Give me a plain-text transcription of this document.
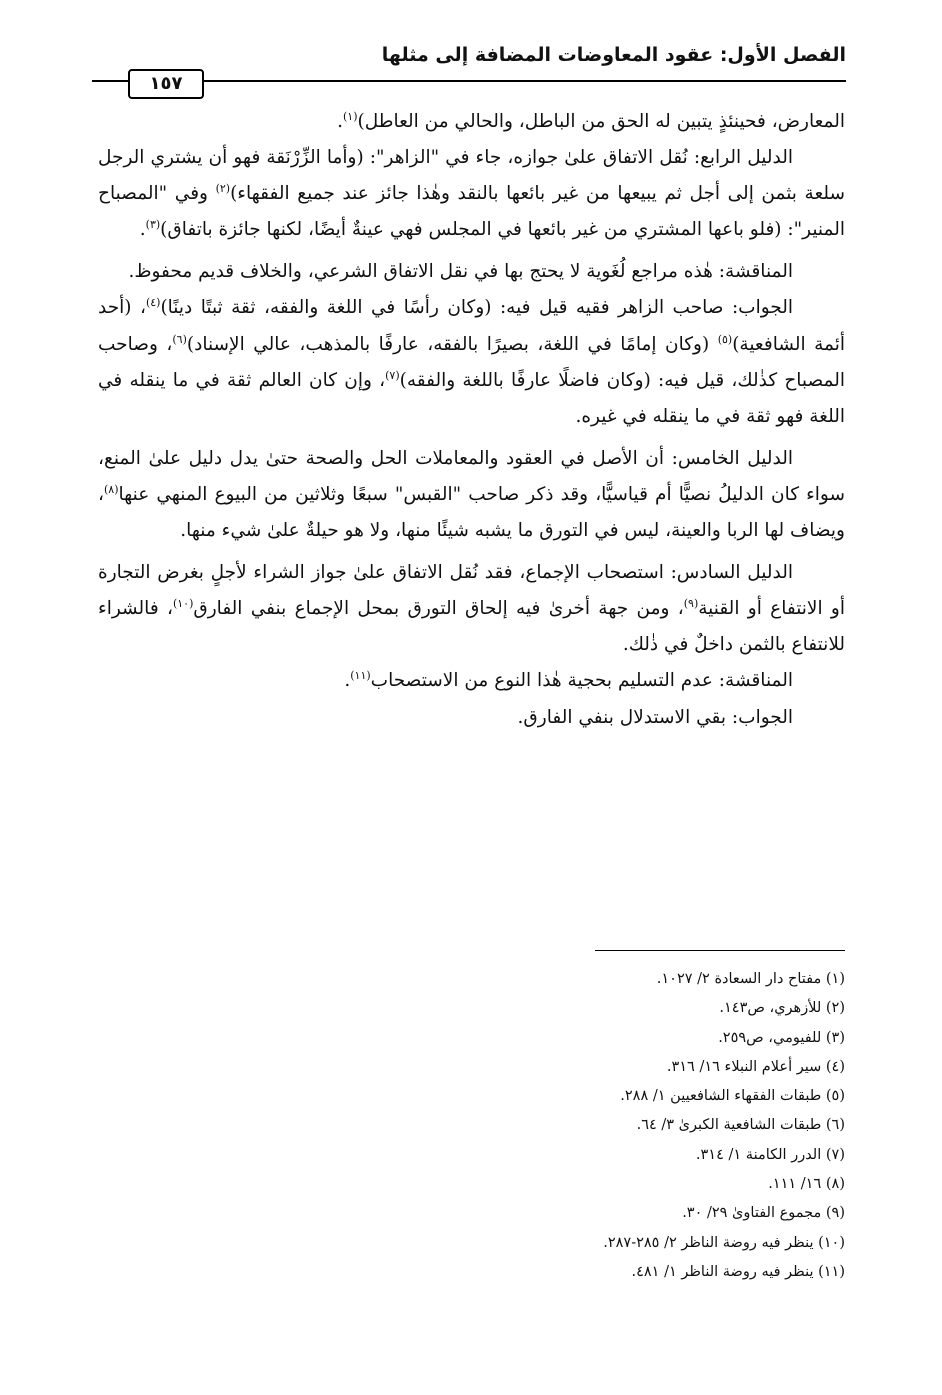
الفصل الأول: عقود المعاوضات المضافة إلى مثلها
١٥٧

المعارض، فحينئذٍ يتبين له الحق من الباطل، والحالي من العاطل)$^{(١)}$.

الدليل الرابع: نُقل الاتفاق علىٰ جوازه، جاء في "الزاهر": (وأما الزِّرْنَقة فهو أن يشتري الرجل سلعة بثمن إلى أجل ثم يبيعها من غير بائعها بالنقد وهٰذا جائز عند جميع الفقهاء)$^{(٢)}$ وفي "المصباح المنير": (فلو باعها المشتري من غير بائعها في المجلس فهي عينةٌ أيضًا، لكنها جائزة باتفاق)$^{(٣)}$.

المناقشة: هٰذه مراجع لُغَوية لا يحتج بها في نقل الاتفاق الشرعي، والخلاف قديم محفوظ.

الجواب: صاحب الزاهر فقيه قيل فيه: (وكان رأسًا في اللغة والفقه، ثقة ثبتًا دينًا)$^{(٤)}$، (أحد أئمة الشافعية)$^{(٥)}$ (وكان إمامًا في اللغة، بصيرًا بالفقه، عارفًا بالمذهب، عالي الإسناد)$^{(٦)}$، وصاحب المصباح كذٰلك، قيل فيه: (وكان فاضلًا عارفًا باللغة والفقه)$^{(٧)}$، وإن كان العالم ثقة في ما ينقله في اللغة فهو ثقة في ما ينقله في غيره.

الدليل الخامس: أن الأصل في العقود والمعاملات الحل والصحة حتىٰ يدل دليل علىٰ المنع، سواء كان الدليلُ نصيًّا أم قياسيًّا، وقد ذكر صاحب "القبس" سبعًا وثلاثين من البيوع المنهي عنها$^{(٨)}$، ويضاف لها الربا والعينة، ليس في التورق ما يشبه شيئًا منها، ولا هو حيلةٌ علىٰ شيء منها.

الدليل السادس: استصحاب الإجماع، فقد نُقل الاتفاق علىٰ جواز الشراء لأجلٍ بغرض التجارة أو الانتفاع أو القنية$^{(٩)}$، ومن جهة أخرىٰ فيه إلحاق التورق بمحل الإجماع بنفي الفارق$^{(١٠)}$، فالشراء للانتفاع بالثمن داخلٌ في ذٰلك.

المناقشة: عدم التسليم بحجية هٰذا النوع من الاستصحاب$^{(١١)}$.

الجواب: بقي الاستدلال بنفي الفارق.

(١) مفتاح دار السعادة ٢/ ١٠٢٧.
(٢) للأزهري، ص١٤٣.
(٣) للفيومي، ص٢٥٩.
(٤) سير أعلام النبلاء ١٦/ ٣١٦.
(٥) طبقات الفقهاء الشافعيين ١/ ٢٨٨.
(٦) طبقات الشافعية الكبرىٰ ٣/ ٦٤.
(٧) الدرر الكامنة ١/ ٣١٤.
(٨) ١٦/ ١١١.
(٩) مجموع الفتاوىٰ ٢٩/ ٣٠.
(١٠) ينظر فيه روضة الناظر ٢/ ٢٨٥-٢٨٧.
(١١) ينظر فيه روضة الناظر ١/ ٤٨١.
